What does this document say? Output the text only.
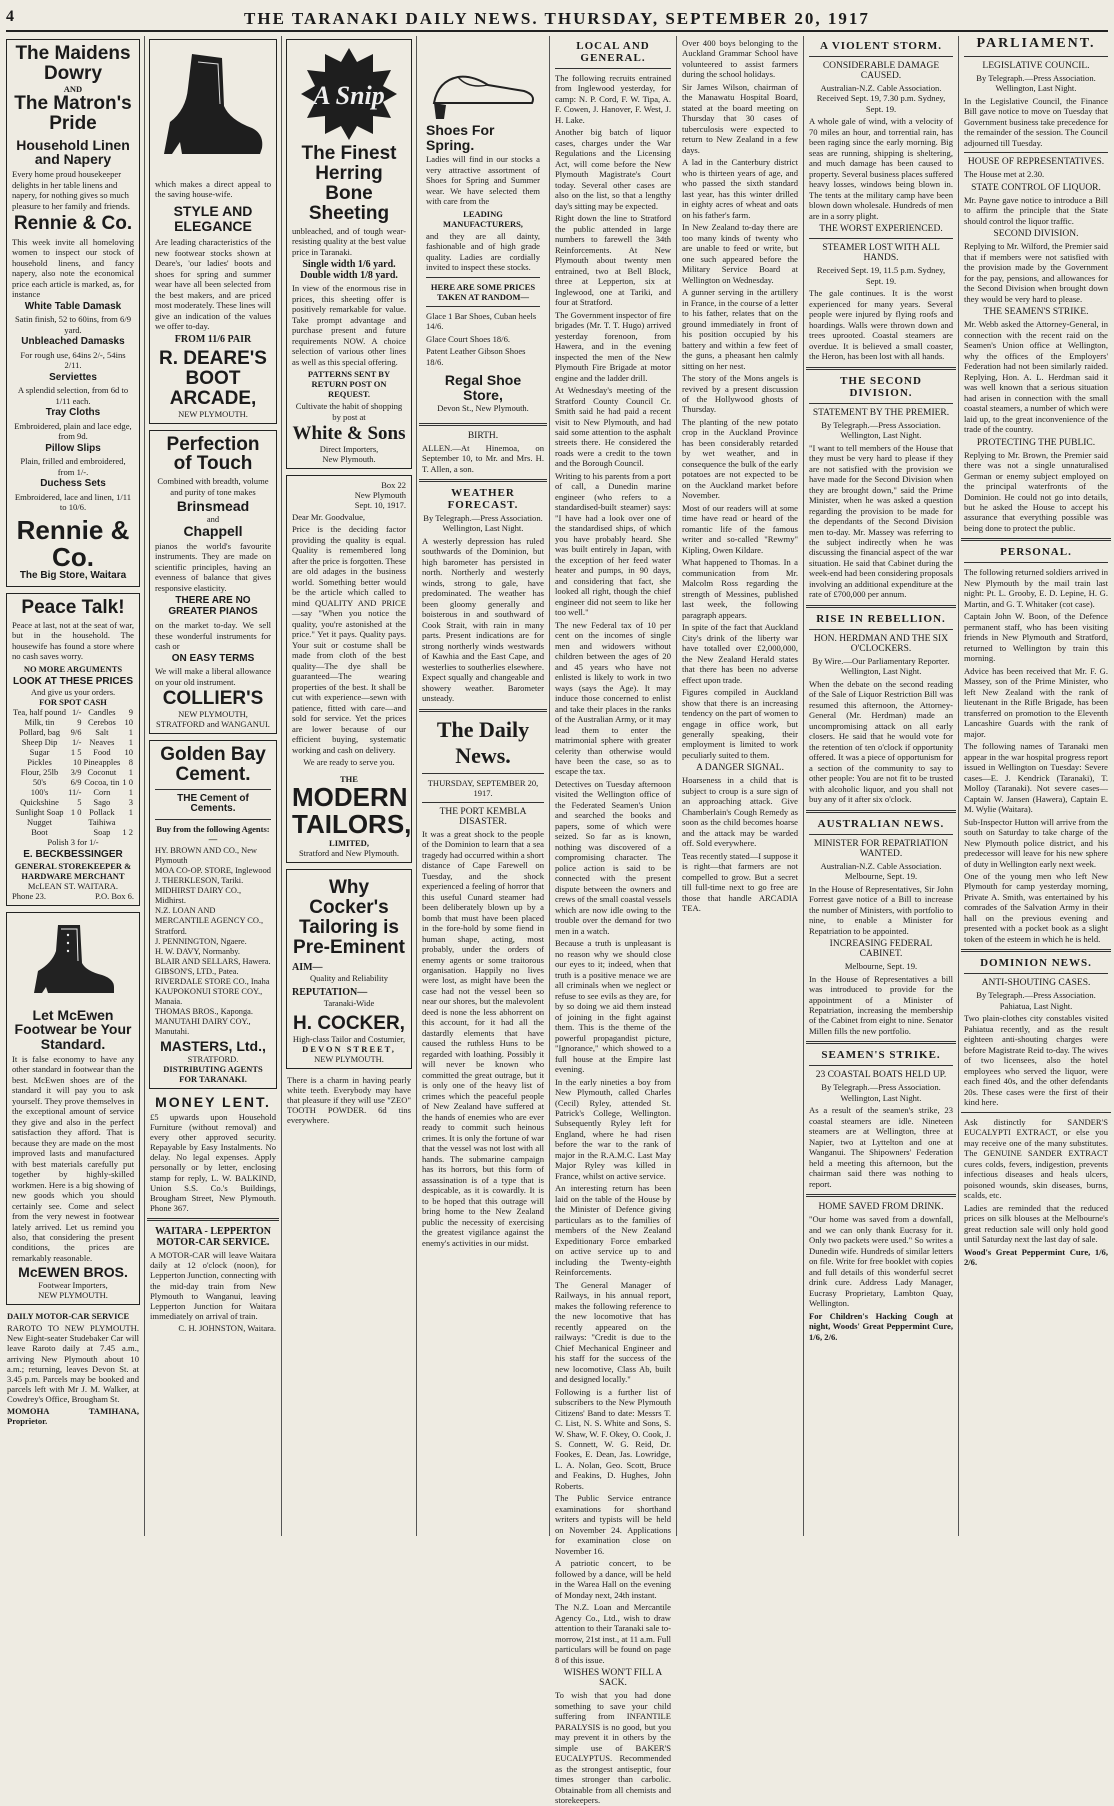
4	THE TARANAKI DAILY NEWS. THURSDAY, SEPTEMBER 20, 1917
The Maidens Dowry
AND
The Matron's Pride
Household Linen and Napery

Every home proud housekeeper delights in her table linens and napery, for nothing gives so much pleasure to her family and friends.

Rennie & Co.

This week invite all homeloving women to inspect our stock of household linens, and fancy napery, also note the economical price each article is marked, as, for instance

White Table Damask

Satin finish, 52 to 60ins, from 6/9 yard.

Unbleached Damasks

For rough use, 64ins 2/-, 54ins 2/11.

Serviettes

A splendid selection, from 6d to 1/11 each.

Tray Cloths

Embroidered, plain and lace edge, from 9d.

Pillow Slips

Plain, frilled and embroidered, from 1/-.

Duchess Sets

Embroidered, lace and linen, 1/11 to 10/6.

Rennie & Co.
The Big Store, Waitara
Peace Talk!

Peace at last, not at the seat of war, but in the household. The housewife has found a store where no cash saves worry.

NO MORE ARGUMENTS
LOOK AT THESE PRICES
And give us your orders.
FOR SPOT CASH
Tea, half pound	1/-	Candles	9
Milk, tin	9	Cerebos	10
Pollard, bag	9/6	Salt	1
Sheep Dip	1/-	Neaves	1
Sugar	1 5	Food	10
Pickles	10	Pineapples	8
Flour, 25lb	3/9	Coconut	1
50's	6/9	Cocoa, tin	1 0
100's	11/-	Corn	1
Quickshine	5	Sago	3
Sunlight Soap	1 0	Pollack	1
Nugget		Taihiwa	
Boot		Soap	1 2
Polish 3 for 1/-
E. BECKBESSINGER
GENERAL STOREKEEPER & HARDWARE MERCHANT
McLEAN ST. WAITARA.
Phone 23.	P.O. Box 6.
Let McEwen Footwear be Your Standard.

It is false economy to have any other standard in footwear than the best. McEwen shoes are of the standard it will pay you to ask yourself. They prove themselves in the exceptional amount of service they give and also in the perfect satisfaction they afford. That is because they are made on the most improved lasts and manufactured with best materials carefully put together by highly-skilled workmen. Here is a big showing of new goods which you should certainly see. Come and select from the very newest in footwear lately arrived. Let us remind you also, that considering the present conditions, the prices are remarkably reasonable.

McEWEN BROS.
Footwear Importers,
NEW PLYMOUTH.
DAILY MOTOR-CAR SERVICE

RAROTO TO NEW PLYMOUTH. New Eight-seater Studebaker Car will leave Raroto daily at 7.45 a.m., arriving New Plymouth about 10 a.m.; returning, leaves Devon St. at 3.45 p.m. Parcels may be booked and parcels left with Mr J. M. Walker, at Cowdrey's Office, Brougham St.

MOMOHA TAMIHANA, Proprietor.

which makes a direct appeal to the saving house-wife.

STYLE AND ELEGANCE

Are leading characteristics of the new footwear stocks shown at Deare's, 'our ladies' boots and shoes for spring and summer wear have all been selected from the best makers, and are priced most moderately. These lines will give an indication of the values we offer to-day.

FROM 11/6 PAIR
R. DEARE'S BOOT ARCADE,
NEW PLYMOUTH.
Perfection of Touch

Combined with breadth, volume and purity of tone makes

Brinsmead
and
Chappell

pianos the world's favourite instruments. They are made on scientific principles, having an evenness of balance that gives responsive elasticity.

THERE ARE NO GREATER PIANOS

on the market to-day. We sell these wonderful instruments for cash or

ON EASY TERMS

We will make a liberal allowance on your old instrument.

COLLIER'S
NEW PLYMOUTH, STRATFORD and WANGANUI.
Golden Bay Cement.
THE Cement of Cements.
Buy from the following Agents:—
HY. BROWN AND CO., New Plymouth
MOA CO-OP. STORE, Inglewood
J. THERKLESON, Tariki.
MIDHIRST DAIRY CO., Midhirst.
N.Z. LOAN AND MERCANTILE AGENCY CO., Stratford.
J. PENNINGTON, Ngaere.
H. W. DAVY, Normanby.
BLAIR AND SELLARS, Hawera.
GIBSON'S, LTD., Patea.
RIVERDALE STORE CO., Inaha
KAUPOKONUI STORE COY., Manaia.
THOMAS BROS., Kaponga.
MANUTAHI DAIRY COY., Manutahi.
MASTERS, Ltd.,
STRATFORD.
DISTRIBUTING AGENTS FOR TARANAKI.
MONEY LENT.

£5 upwards upon Household Furniture (without removal) and every other approved security. Repayable by Easy Instalments. No delay. No legal expenses. Apply personally or by letter, enclosing stamp for reply, L. W. BALKIND, Union S.S. Co.'s Buildings, Brougham Street, New Plymouth. Phone 367.

WAITARA - LEPPERTON MOTOR-CAR SERVICE.

A MOTOR-CAR will leave Waitara daily at 12 o'clock (noon), for Lepperton Junction, connecting with the mid-day train from New Plymouth to Wanganui, leaving Lepperton Junction for Waitara immediately on arrival of train.

C. H. JOHNSTON, Waitara.

A Snip
The Finest
Herring Bone Sheeting

unbleached, and of tough wear-resisting quality at the best value price in Taranaki.

Single width 1/6 yard.
Double width 1/8 yard.

In view of the enormous rise in prices, this sheeting offer is positively remarkable for value. Take prompt advantage and purchase present and future requirements NOW. A choice selection of various other lines as well as this special offering.

PATTERNS SENT BY RETURN POST ON REQUEST.

Cultivate the habit of shopping by post at

White & Sons
Direct Importers,
New Plymouth.
Box 22
New Plymouth
Sept. 10, 1917.

Dear Mr. Goodvalue,

Price is the deciding factor providing the quality is equal. Quality is remembered long after the price is forgotten. These are old adages in the business world. Something better would be the article which called to mind QUALITY AND PRICE —say "When you notice the quality, you're astonished at the price." Yet it pays. Quality pays. Your suit or costume shall be made from cloth of the best quality—The dye shall be guaranteed—The wearing properties of the best. It shall be cut with experience—sewn with patience, fitted with care—and sold for service. Yet the prices are lower because of our efficient buying, systematic working and cash on delivery.

We are ready to serve you.

THE
MODERN TAILORS,
LIMITED,
Stratford and New Plymouth.
Why Cocker's Tailoring is Pre-Eminent
AIM—
Quality and Reliability
REPUTATION—
Taranaki-Wide
H. COCKER,
High-class Tailor and Costumier,
DEVON STREET,
NEW PLYMOUTH.

There is a charm in having pearly white teeth. Everybody may have that pleasure if they will use "ZEO" TOOTH POWDER. 6d tins everywhere.

Shoes For Spring.

Ladies will find in our stocks a very attractive assortment of Shoes for Spring and Summer wear. We have selected them with care from the

LEADING MANUFACTURERS,

and they are all dainty, fashionable and of high grade quality. Ladies are cordially invited to inspect these stocks.

HERE ARE SOME PRICES TAKEN AT RANDOM—

Glace 1 Bar Shoes, Cuban heels 14/6.

Glace Court Shoes 18/6.

Patent Leather Gibson Shoes 18/6.

Regal Shoe Store,
Devon St., New Plymouth.
BIRTH.

ALLEN.—At Hinemoa, on September 10, to Mr. and Mrs. H. T. Allen, a son.

WEATHER FORECAST.

By Telegraph.—Press Association. Wellington, Last Night.

A westerly depression has ruled southwards of the Dominion, but high barometer has persisted in north. Northerly and westerly winds, strong to gale, have predominated. The weather has been gloomy generally and boisterous in and southward of Cook Strait, with rain in many parts. Present indications are for strong northerly winds westwards of Kawhia and the East Cape, and westerlies to southerlies elsewhere. Expect squally and changeable and showery weather. Barometer unsteady.

The Daily News.
THURSDAY, SEPTEMBER 20, 1917.
THE PORT KEMBLA DISASTER.

It was a great shock to the people of the Dominion to learn that a sea tragedy had occurred within a short distance of Cape Farewell on Tuesday, and the shock experienced a feeling of horror that this useful Cunard steamer had been deliberately blown up by a bomb that must have been placed in the fore-hold by some fiend in human shape, acting, most probably, under the orders of enemy agents or some traitorous organisation. Happily no lives were lost, as might have been the case had not the vessel been so near our shores, but the malevolent deed is none the less abhorrent on this account, for it had all the dastardly elements that have caused the ruthless Huns to be regarded with loathing. Possibly it will never be known who committed the great outrage, but it is only one of the heavy list of crimes which the peaceful people of New Zealand have suffered at the hands of enemies who are ever ready to commit such heinous crimes. It is only the fortune of war that the vessel was not lost with all hands. The submarine campaign has its horrors, but this form of assassination is of a type that is despicable, as it is cowardly. It is to be hoped that this outrage will bring home to the New Zealand public the necessity of exercising the greatest vigilance against the enemy's activities in our midst.

LOCAL AND GENERAL.

The following recruits entrained from Inglewood yesterday, for camp: N. P. Cord, F. W. Tipa, A. F. Cowen, J. Hanover, F. West, J. H. Lake.

Another big batch of liquor cases, charges under the War Regulations and the Licensing Act, will come before the New Plymouth Magistrate's Court today. Several other cases are also on the list, so that a lengthy day's sitting may be expected.

Right down the line to Stratford the public attended in large numbers to farewell the 34th Reinforcements. At New Plymouth about twenty men entrained, two at Bell Block, three at Lepperton, six at Inglewood, one at Tariki, and four at Stratford.

The Government inspector of fire brigades (Mr. T. T. Hugo) arrived yesterday forenoon, from Hawera, and in the evening inspected the men of the New Plymouth Fire Brigade at motor engine and the ladder drill.

At Wednesday's meeting of the Stratford County Council Cr. Smith said he had paid a recent visit to New Plymouth, and had said some attention to the asphalt streets there. He considered the roads were a credit to the town and the Borough Council.

Writing to his parents from a port of call, a Dunedin marine engineer (who refers to a standardised-built steamer) says: "I have had a look over one of the standardised ships, of which you have probably heard. She was built entirely in Japan, with the exception of her feed water heater and pumps, in 90 days, and considering that fact, she looked all right, though the chief engineer did not seem to like her too well."

The new Federal tax of 10 per cent on the incomes of single men and widowers without children between the ages of 20 and 45 years who have not enlisted is likely to work in two ways (says the Age). It may induce those concerned to enlist and take their places in the ranks of the Australian Army, or it may lead them to enter the matrimonial sphere with greater celerity than otherwise would have been the case, so as to escape the tax.

Detectives on Tuesday afternoon visited the Wellington office of the Federated Seamen's Union and searched the books and papers, some of which were seized. So far as is known, nothing was discovered of a compromising character. The police action is said to be connected with the present dispute between the owners and crews of the small coastal vessels which are now idle owing to the trouble over the demand for two men in a watch.

Because a truth is unpleasant is no reason why we should close our eyes to it; indeed, when that truth is a positive menace we are all criminals when we neglect or refuse to see evils as they are, for by so doing we aid them instead of joining in the fight against them. This is the theme of the powerful propagandist picture, "Ignorance," which showed to a full house at the Empire last evening.

In the early nineties a boy from New Plymouth, called Charles (Cecil) Ryley, attended St. Patrick's College, Wellington. Subsequently Ryley left for England, where he had risen before the war to the rank of major in the R.A.M.C. Last May Major Ryley was killed in France, whilst on active service.

An interesting return has been laid on the table of the House by the Minister of Defence giving particulars as to the families of members of the New Zealand Expeditionary Force embarked on active service up to and including the Twenty-eighth Reinforcements.

The General Manager of Railways, in his annual report, makes the following reference to the new locomotive that has recently appeared on the railways: "Credit is due to the Chief Mechanical Engineer and his staff for the success of the new locomotive, Class Ab, built and designed locally."

Following is a further list of subscribers to the New Plymouth Citizens' Band to date: Messrs T. C. List, N. S. White and Sons, S. W. Shaw, W. F. Okey, O. Cook, J. S. Connett, W. G. Reid, Dr. Fookes, E. Dean, Jas. Lowridge, L. A. Nolan, Geo. Scott, Bruce and Feakins, D. Hughes, John Roberts.

The Public Service entrance examinations for shorthand writers and typists will be held on November 24. Applications for examination close on November 16.

A patriotic concert, to be followed by a dance, will be held in the Warea Hall on the evening of Monday next, 24th instant.

The N.Z. Loan and Mercantile Agency Co., Ltd., wish to draw attention to their Taranaki sale to-morrow, 21st inst., at 11 a.m. Full particulars will be found on page 8 of this issue.

WISHES WON'T FILL A SACK.

To wish that you had done something to save your child suffering from INFANTILE PARALYSIS is no good, but you may prevent it in others by the simple use of BAKER'S EUCALYPTUS. Recommended as the strongest antiseptic, four times stronger than carbolic. Obtainable from all chemists and storekeepers.

Over 400 boys belonging to the Auckland Grammar School have volunteered to assist farmers during the school holidays.

Sir James Wilson, chairman of the Manawatu Hospital Board, stated at the board meeting on Thursday that 30 cases of tuberculosis were expected to return to New Zealand in a few days.

A lad in the Canterbury district who is thirteen years of age, and who passed the sixth standard last year, has this winter drilled in eighty acres of wheat and oats on his father's farm.

In New Zealand to-day there are too many kinds of twenty who are unable to feed or write, but one such appeared before the Military Service Board at Wellington on Wednesday.

A gunner serving in the artillery in France, in the course of a letter to his father, relates that on the ground immediately in front of his position occupied by his battery and within a few feet of the guns, a pheasant hen calmly sitting on her nest.

The story of the Mons angels is revived by a present discussion of the Hollywood ghosts of Thursday.

The planting of the new potato crop in the Auckland Province has been considerably retarded by wet weather, and in consequence the bulk of the early potatoes are not expected to be on the Auckland market before November.

Most of our readers will at some time have read or heard of the romantic life of the famous writer and so-called "Rewmy" Kipling, Owen Kildare.

What happened to Thomas. In a communication from Mr. Malcolm Ross regarding the strength of Messines, published last week, the following paragraph appears.

In spite of the fact that Auckland City's drink of the liberty war have totalled over £2,000,000, the New Zealand Herald states that there has been no adverse effect upon trade.

Figures compiled in Auckland show that there is an increasing tendency on the part of women to engage in office work, but generally speaking, their employment is limited to work peculiarly suited to them.

A DANGER SIGNAL.

Hoarseness in a child that is subject to croup is a sure sign of an approaching attack. Give Chamberlain's Cough Remedy as soon as the child becomes hoarse and the attack may be warded off. Sold everywhere.

Teas recently stated—I suppose it is right—that farmers are not compelled to grow. But a secret till full-time next to go free are those that handle ARCADIA TEA.

A VIOLENT STORM.
CONSIDERABLE DAMAGE CAUSED.

Australian-N.Z. Cable Association. Received Sept. 19, 7.30 p.m. Sydney, Sept. 19.

A whole gale of wind, with a velocity of 70 miles an hour, and torrential rain, has been raging since the early morning. Big seas are running, shipping is sheltering, and much damage has been caused to property. Several business places suffered heavy losses, windows being blown in. The tents at the military camp have been blown down wholesale. Hundreds of men are in a sorry plight.

THE WORST EXPERIENCED.
STEAMER LOST WITH ALL HANDS.

Received Sept. 19, 11.5 p.m. Sydney, Sept. 19.

The gale continues. It is the worst experienced for many years. Several people were injured by flying roofs and hoardings. Walls were thrown down and trees uprooted. Coastal steamers are overdue. It is believed a small coaster, the Heron, has been lost with all hands.

THE SECOND DIVISION.
STATEMENT BY THE PREMIER.

By Telegraph.—Press Association. Wellington, Last Night.

"I want to tell members of the House that they must be very hard to please if they are not satisfied with the provision we have made for the Second Division when they are brought down," said the Prime Minister, when he was asked a question regarding the provision to be made for the dependants of the Second Division men to-day. Mr. Massey was referring to the subject indirectly when he was discussing the financial aspect of the war situation. He said that Cabinet during the week-end had been considering proposals involving an additional expenditure at the rate of £700,000 per annum.

RISE IN REBELLION.
HON. HERDMAN AND THE SIX O'CLOCKERS.

By Wire.—Our Parliamentary Reporter. Wellington, Last Night.

When the debate on the second reading of the Sale of Liquor Restriction Bill was resumed this afternoon, the Attorney-General (Mr. Herdman) made an uncompromising attack on all early closers. He said that he would vote for the retention of ten o'clock if opportunity offered. It was a piece of opportunism for a section of the community to say to other people: You are not fit to be trusted with alcoholic liquor, and you shall not buy any of it after six o'clock.

AUSTRALIAN NEWS.
MINISTER FOR REPATRIATION WANTED.

Australian-N.Z. Cable Association. Melbourne, Sept. 19.

In the House of Representatives, Sir John Forrest gave notice of a Bill to increase the number of Ministers, with portfolio to nine, to enable a Minister for Repatriation to be appointed.

INCREASING FEDERAL CABINET.

Melbourne, Sept. 19.

In the House of Representatives a bill was introduced to provide for the appointment of a Minister of Repatriation, increasing the membership of the Cabinet from eight to nine. Senator Millen fills the new portfolio.

SEAMEN'S STRIKE.
23 COASTAL BOATS HELD UP.

By Telegraph.—Press Association. Wellington, Last Night.

As a result of the seamen's strike, 23 coastal steamers are idle. Nineteen steamers are at Wellington, three at Napier, two at Lyttelton and one at Wanganui. The Shipowners' Federation held a meeting this afternoon, but the chairman said there was nothing to report.

HOME SAVED FROM DRINK.

"Our home was saved from a downfall, and we can only thank Eucrasy for it. Only two packets were used." So writes a Dunedin wife. Hundreds of similar letters on file. Write for free booklet with copies and full details of this wonderful secret drink cure. Address Lady Manager, Eucrasy Proprietary, Lambton Quay, Wellington.

For Children's Hacking Cough at night, Woods' Great Peppermint Cure, 1/6, 2/6.

PARLIAMENT.
LEGISLATIVE COUNCIL.

By Telegraph.—Press Association. Wellington, Last Night.

In the Legislative Council, the Finance Bill gave notice to move on Tuesday that Government business take precedence for the remainder of the session. The Council adjourned till Tuesday.

HOUSE OF REPRESENTATIVES.

The House met at 2.30.

STATE CONTROL OF LIQUOR.

Mr. Payne gave notice to introduce a Bill to affirm the principle that the State should control the liquor traffic.

SECOND DIVISION.

Replying to Mr. Wilford, the Premier said that if members were not satisfied with the provision made by the Government for the pay, pensions, and allowances for the Second Division when brought down they would be very hard to please.

THE SEAMEN'S STRIKE.

Mr. Webb asked the Attorney-General, in connection with the recent raid on the Seamen's Union office at Wellington, why the offices of the Employers' Federation had not been similarly raided. Replying, Hon. A. L. Herdman said it was well known that a serious situation had arisen in connection with the small coastal steamers, a number of which were laid up, to the great inconvenience of the trade of the country.

PROTECTING THE PUBLIC.

Replying to Mr. Brown, the Premier said there was not a single unnaturalised German or enemy subject employed on the principal waterfronts of the Dominion. He could not go into details, but he asked the House to accept his assurance that everything possible was being done to protect the public.

PERSONAL.

The following returned soldiers arrived in New Plymouth by the mail train last night: Pt. L. Grooby, E. D. Lepine, H. G. Martin, and G. T. Whitaker (cot case).

Captain John W. Boon, of the Defence permanent staff, who has been visiting friends in New Plymouth and Stratford, returned to Wellington by train this morning.

Advice has been received that Mr. F. G. Massey, son of the Prime Minister, who left New Zealand with the rank of lieutenant in the Rifle Brigade, has been transferred on promotion to the Eleventh Lancashire Guards with the rank of major.

The following names of Taranaki men appear in the war hospital progress report issued in Wellington on Tuesday: Severe cases—E. J. Kendrick (Taranaki), T. Molloy (Taranaki). Not severe cases—Captain W. Jansen (Hawera), Captain E. M. Wylie (Waitara).

Sub-Inspector Hutton will arrive from the south on Saturday to take charge of the New Plymouth police district, and his predecessor will leave for his new sphere of duty in Wellington early next week.

One of the young men who left New Plymouth for camp yesterday morning, Private A. Smith, was entertained by his comrades of the Salvation Army in their hall on the previous evening and presented with a pocket book as a slight token of the esteem in which he is held.

DOMINION NEWS.
ANTI-SHOUTING CASES.

By Telegraph.—Press Association. Pahiatua, Last Night.

Two plain-clothes city constables visited Pahiatua recently, and as the result eighteen anti-shouting charges were before Magistrate Reid to-day. The wives of two licensees, also the hotel employees who served the liquor, were each fined 40s, and the other defendants 20s. These cases were the first of their kind here.

Ask distinctly for SANDER'S EUCALYPTI EXTRACT, or else you may receive one of the many substitutes. The GENUINE SANDER EXTRACT cures colds, fevers, indigestion, prevents infectious diseases and heals ulcers, poisoned wounds, skin diseases, burns, scalds, etc.

Ladies are reminded that the reduced prices on silk blouses at the Melbourne's great reduction sale will only hold good until Saturday next the last day of sale.

Wood's Great Peppermint Cure, 1/6, 2/6.
